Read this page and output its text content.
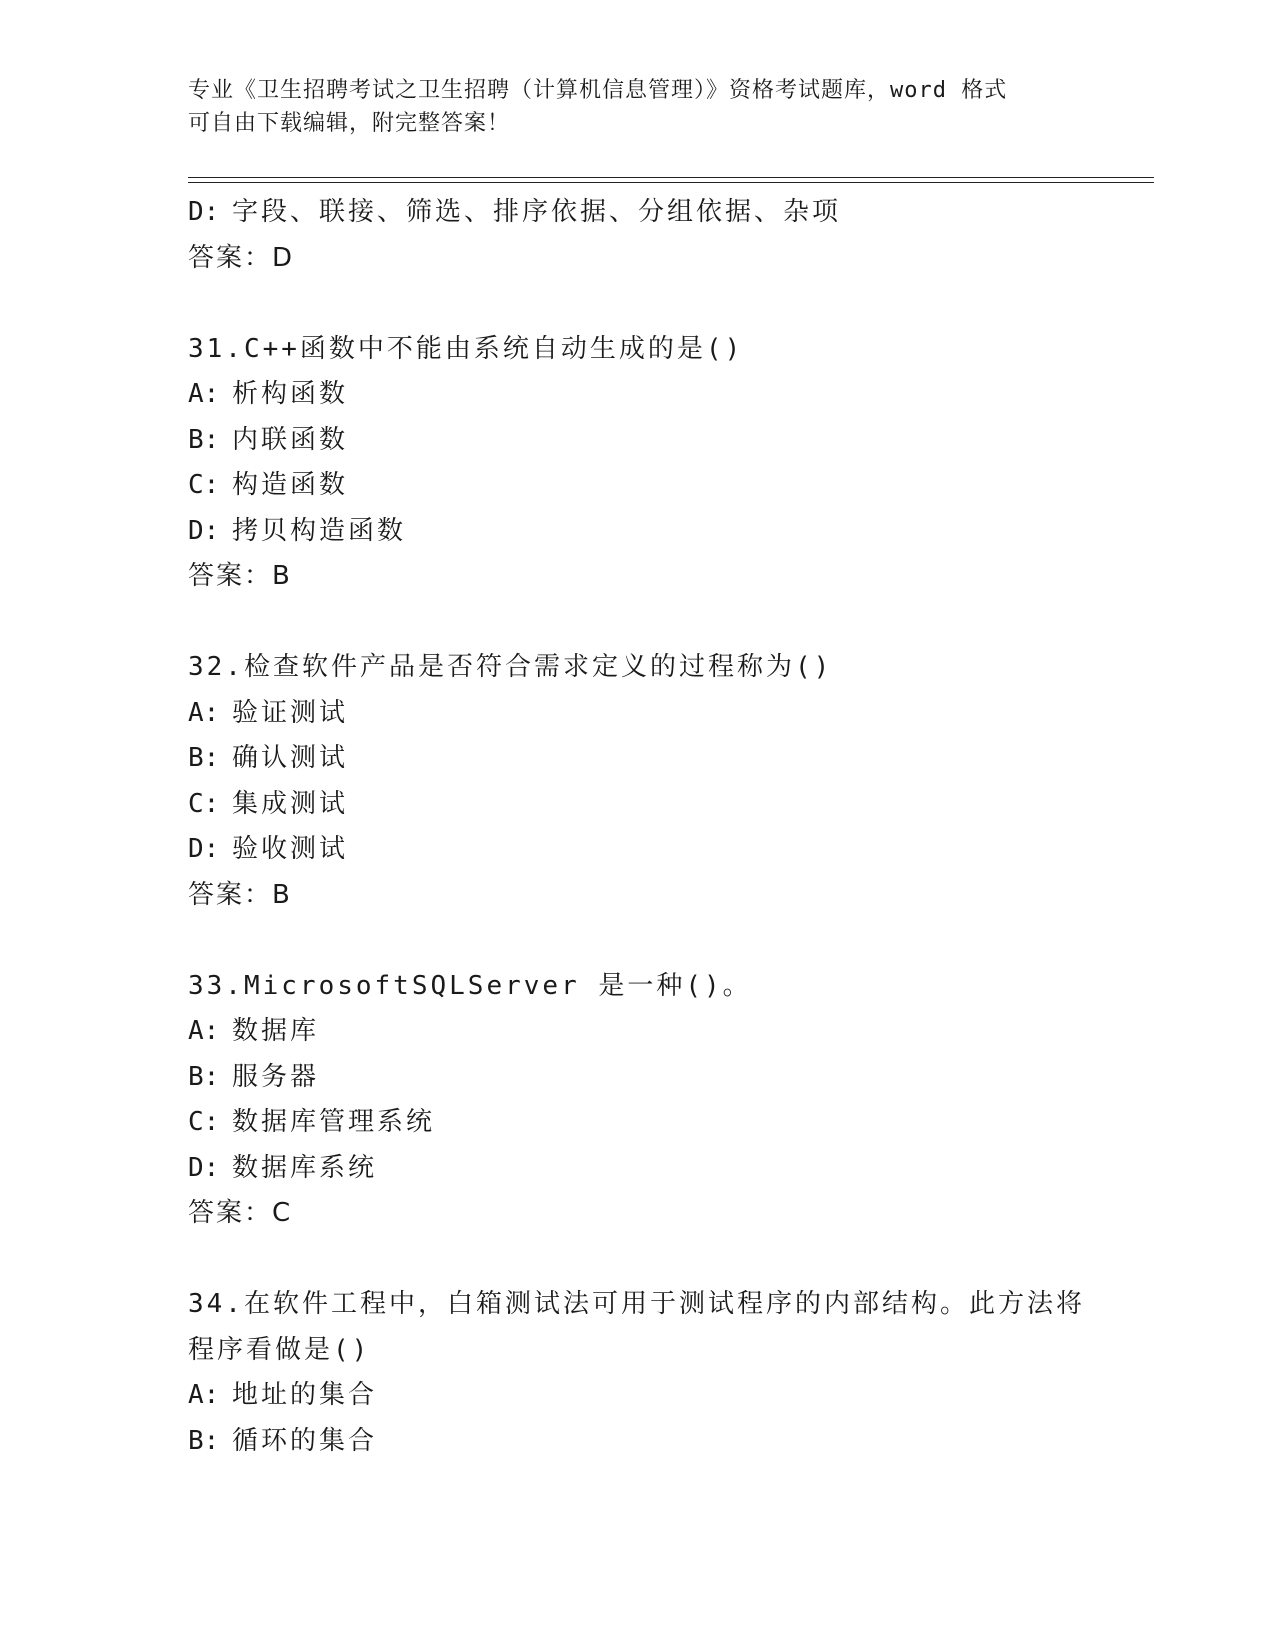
专业《卫生招聘考试之卫生招聘（计算机信息管理）》资格考试题库，word 格式
可自由下载编辑，附完整答案！
D: 字段、联接、筛选、排序依据、分组依据、杂项
答案：D
31.C++函数中不能由系统自动生成的是()
A: 析构函数
B: 内联函数
C: 构造函数
D: 拷贝构造函数
答案：B
32.检查软件产品是否符合需求定义的过程称为()
A: 验证测试
B: 确认测试
C: 集成测试
D: 验收测试
答案：B
33.MicrosoftSQLServer 是一种()。
A: 数据库
B: 服务器
C: 数据库管理系统
D: 数据库系统
答案：C
34.在软件工程中，白箱测试法可用于测试程序的内部结构。此方法将
程序看做是()
A: 地址的集合
B: 循环的集合
